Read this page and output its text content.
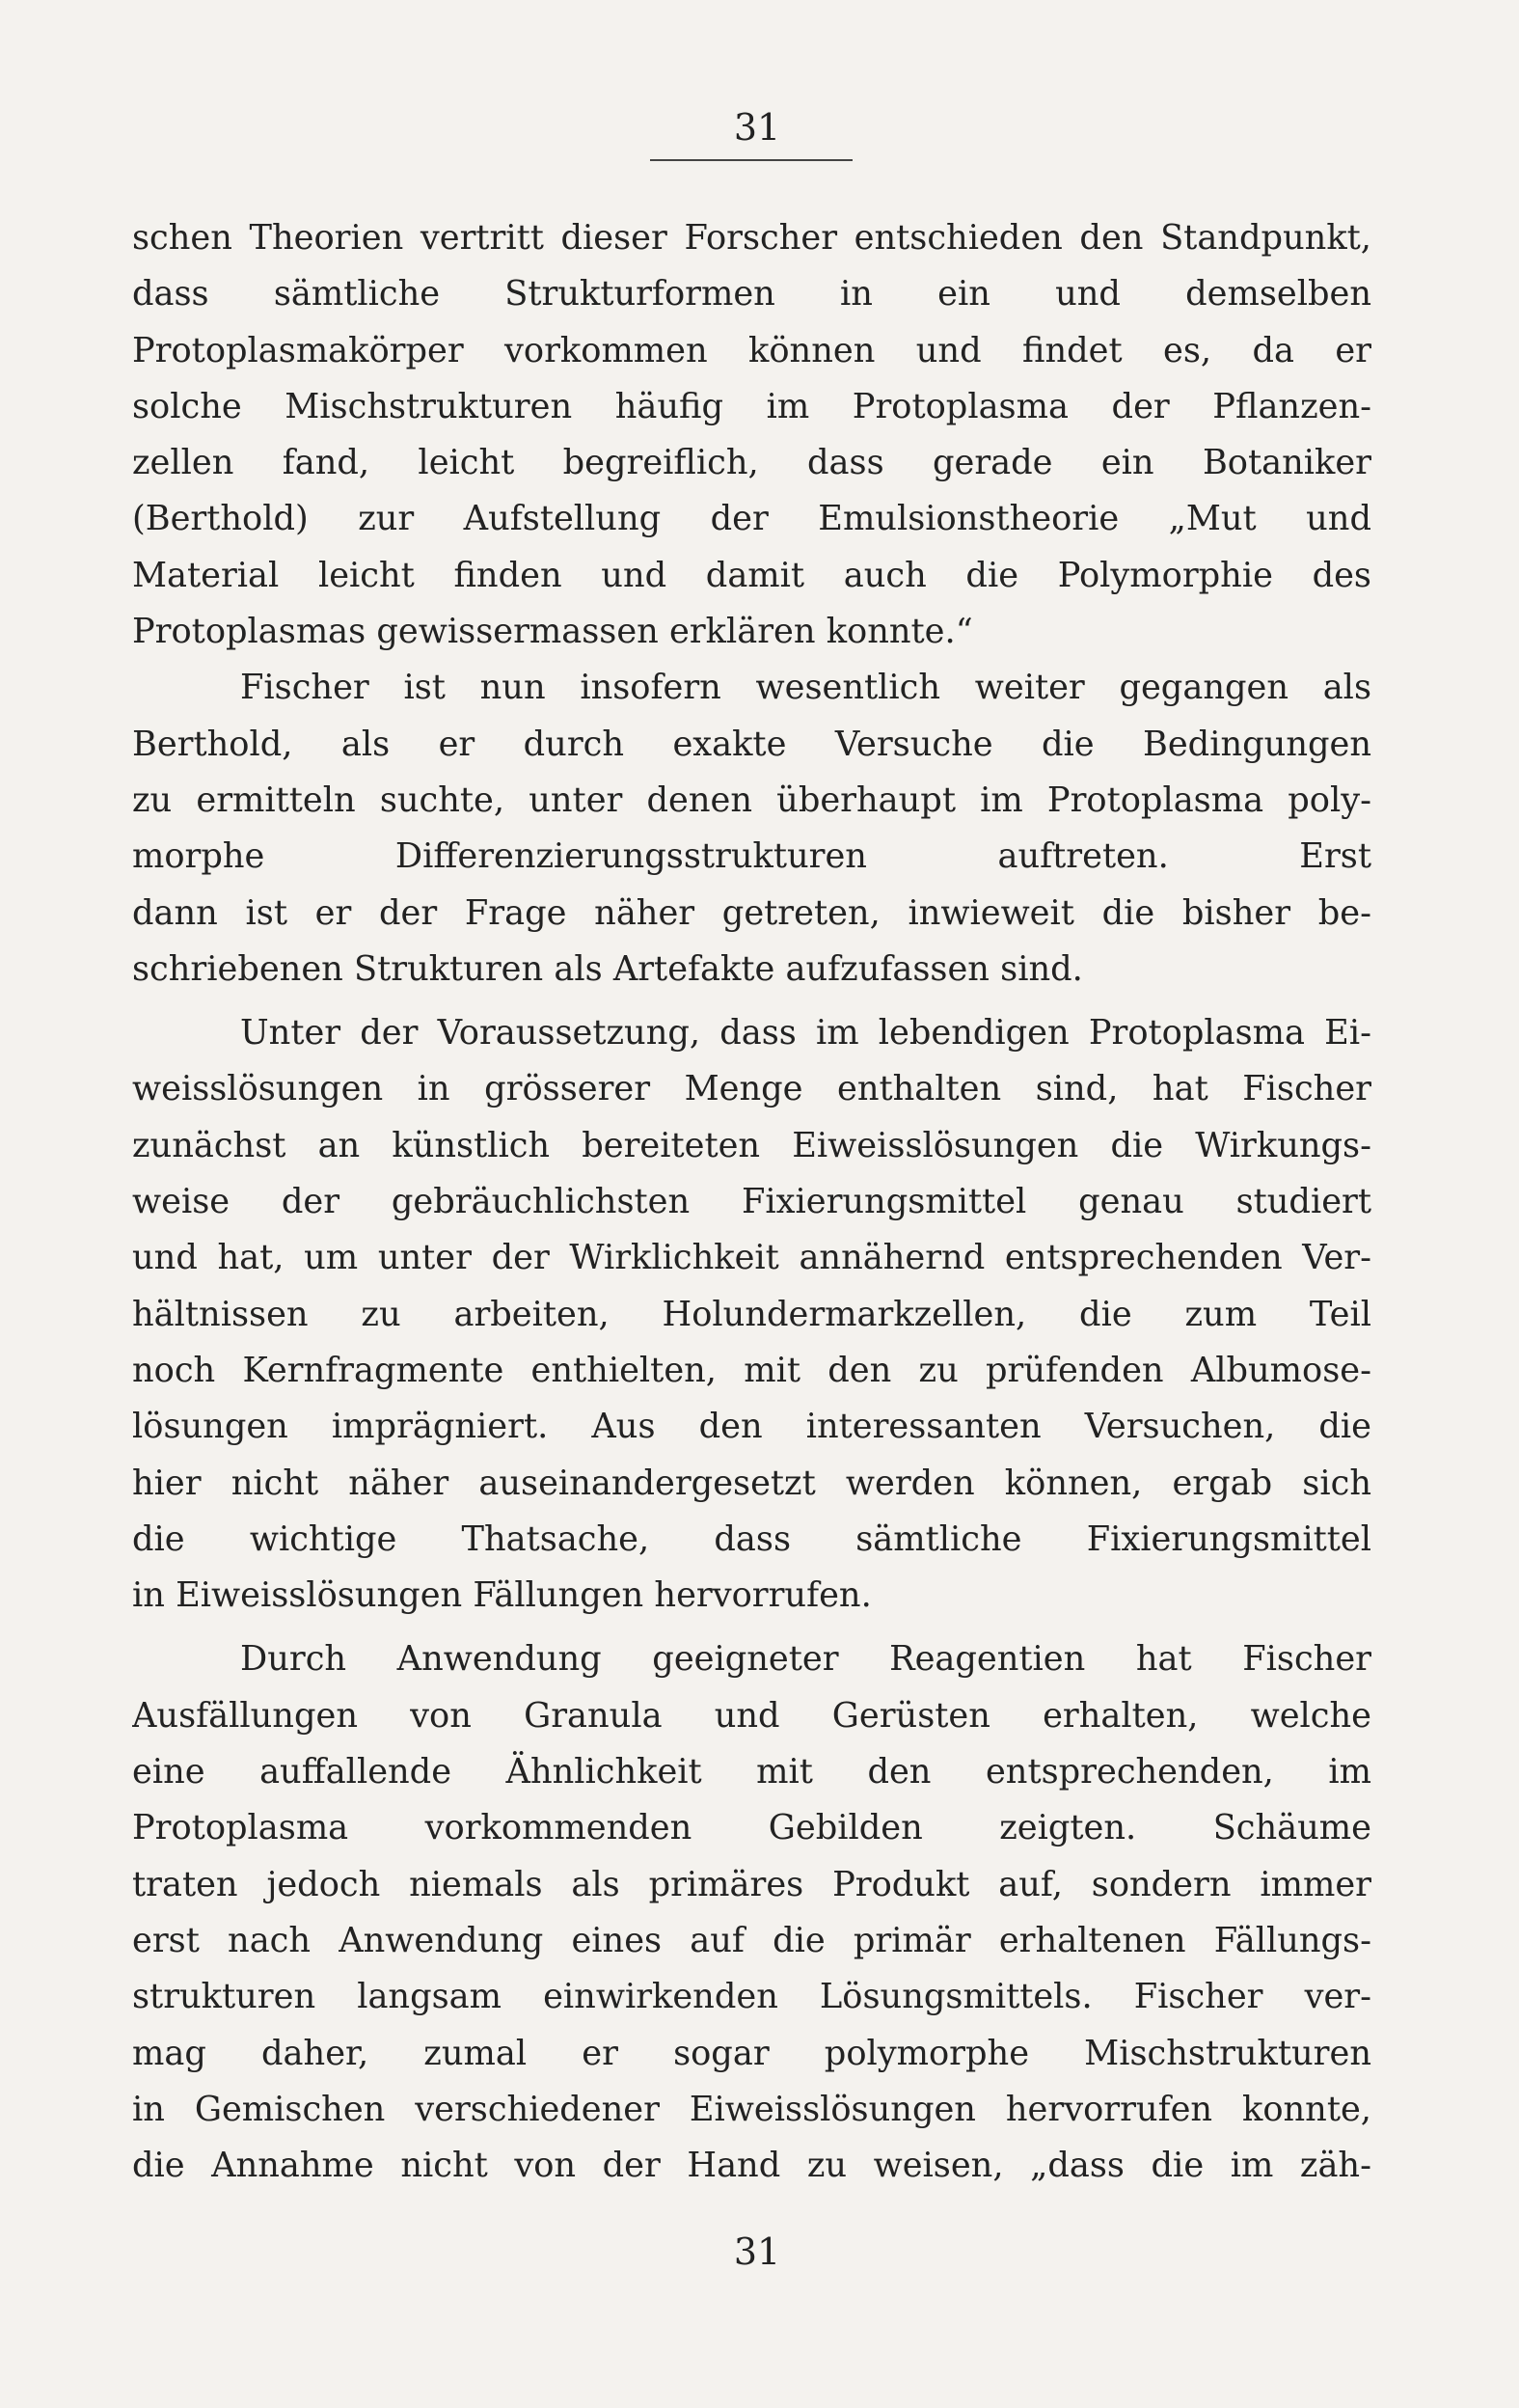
31
schen Theorien vertritt dieser Forscher entschieden den Standpunkt,
dass sämtliche Strukturformen in ein und demselben
Protoplasmakörper vorkommen können und findet es, da er
solche Mischstrukturen häufig im Protoplasma der Pflanzen-
zellen fand, leicht begreiflich, dass gerade ein Botaniker
(Berthold) zur Aufstellung der Emulsionstheorie „Mut und
Material leicht finden und damit auch die Polymorphie des
Protoplasmas gewissermassen erklären konnte.“
Fischer ist nun insofern wesentlich weiter gegangen als
Berthold, als er durch exakte Versuche die Bedingungen
zu ermitteln suchte, unter denen überhaupt im Protoplasma poly-
morphe Differenzierungsstrukturen auftreten. Erst
dann ist er der Frage näher getreten, inwieweit die bisher be-
schriebenen Strukturen als Artefakte aufzufassen sind.
Unter der Voraussetzung, dass im lebendigen Protoplasma Ei-
weisslösungen in grösserer Menge enthalten sind, hat Fischer
zunächst an künstlich bereiteten Eiweisslösungen die Wirkungs-
weise der gebräuchlichsten Fixierungsmittel genau studiert
und hat, um unter der Wirklichkeit annähernd entsprechenden Ver-
hältnissen zu arbeiten, Holundermarkzellen, die zum Teil
noch Kernfragmente enthielten, mit den zu prüfenden Albumose-
lösungen imprägniert. Aus den interessanten Versuchen, die
hier nicht näher auseinandergesetzt werden können, ergab sich
die wichtige Thatsache, dass sämtliche Fixierungsmittel
in Eiweisslösungen Fällungen hervorrufen.
Durch Anwendung geeigneter Reagentien hat Fischer
Ausfällungen von Granula und Gerüsten erhalten, welche
eine auffallende Ähnlichkeit mit den entsprechenden, im
Protoplasma vorkommenden Gebilden zeigten. Schäume
traten jedoch niemals als primäres Produkt auf, sondern immer
erst nach Anwendung eines auf die primär erhaltenen Fällungs-
strukturen langsam einwirkenden Lösungsmittels. Fischer ver-
mag daher, zumal er sogar polymorphe Mischstrukturen
in Gemischen verschiedener Eiweisslösungen hervorrufen konnte,
die Annahme nicht von der Hand zu weisen, „dass die im zäh-
31
